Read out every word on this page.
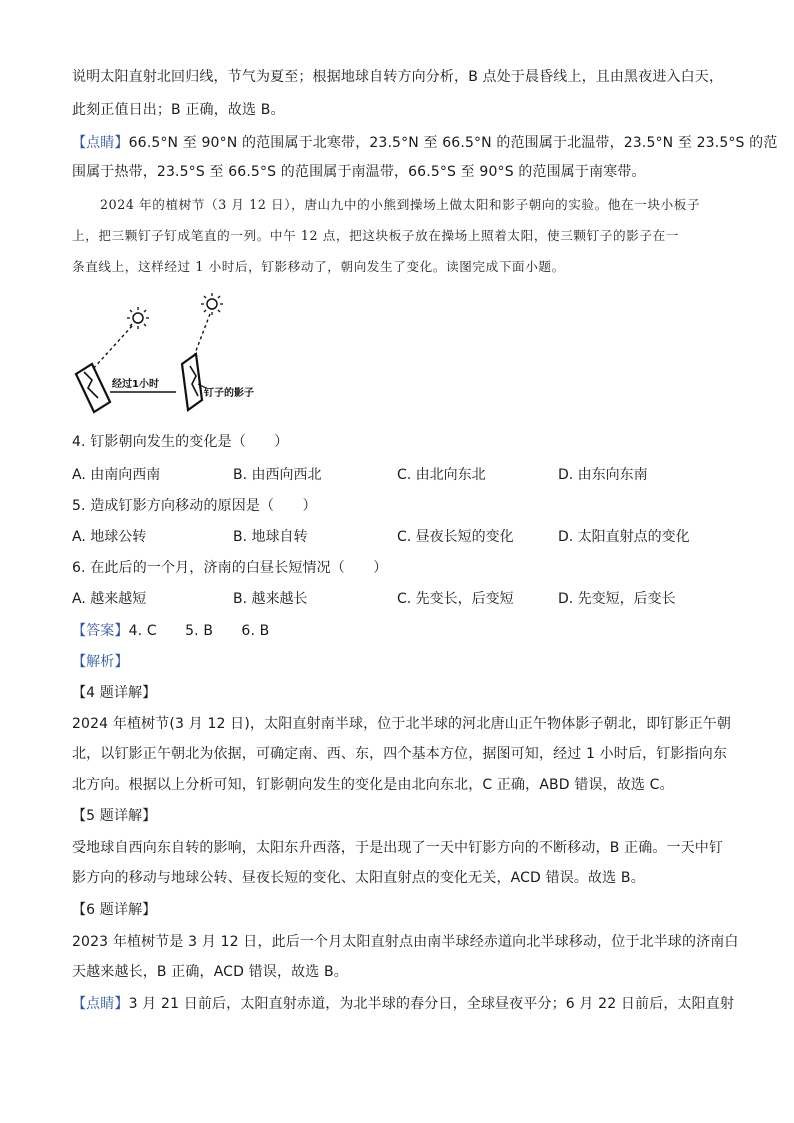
说明太阳直射北回归线，节气为夏至；根据地球自转方向分析，B 点处于晨昏线上，且由黑夜进入白天，
此刻正值日出；B 正确，故选 B。
【点睛】66.5°N 至 90°N 的范围属于北寒带，23.5°N 至 66.5°N 的范围属于北温带，23.5°N 至 23.5°S 的范
围属于热带，23.5°S 至 66.5°S 的范围属于南温带，66.5°S 至 90°S 的范围属于南寒带。
2024 年的植树节（3 月 12 日），唐山九中的小熊到操场上做太阳和影子朝向的实验。他在一块小板子
上，把三颗钉子钉成笔直的一列。中午 12 点，把这块板子放在操场上照着太阳，使三颗钉子的影子在一
条直线上，这样经过 1 小时后，钉影移动了，朝向发生了变化。读图完成下面小题。
经过1小时
钉子的影子
4. 钉影朝向发生的变化是（　　）
A. 由南向西南	B. 由西向西北	C. 由北向东北	D. 由东向东南
5. 造成钉影方向移动的原因是（　　）
A. 地球公转	B. 地球自转	C. 昼夜长短的变化	D. 太阳直射点的变化
6. 在此后的一个月，济南的白昼长短情况（　　）
A. 越来越短	B. 越来越长	C. 先变长，后变短	D. 先变短，后变长
【答案】4. C　　5. B　　6. B
【解析】
【4 题详解】
2024 年植树节(3 月 12 日)，太阳直射南半球，位于北半球的河北唐山正午物体影子朝北，即钉影正午朝
北，以钉影正午朝北为依据，可确定南、西、东，四个基本方位，据图可知，经过 1 小时后，钉影指向东
北方向。根据以上分析可知，钉影朝向发生的变化是由北向东北，C 正确，ABD 错误，故选 C。
【5 题详解】
受地球自西向东自转的影响，太阳东升西落，于是出现了一天中钉影方向的不断移动，B 正确。一天中钉
影方向的移动与地球公转、昼夜长短的变化、太阳直射点的变化无关，ACD 错误。故选 B。
【6 题详解】
2023 年植树节是 3 月 12 日，此后一个月太阳直射点由南半球经赤道向北半球移动，位于北半球的济南白
天越来越长，B 正确，ACD 错误，故选 B。
【点睛】3 月 21 日前后，太阳直射赤道，为北半球的春分日，全球昼夜平分；6 月 22 日前后，太阳直射
